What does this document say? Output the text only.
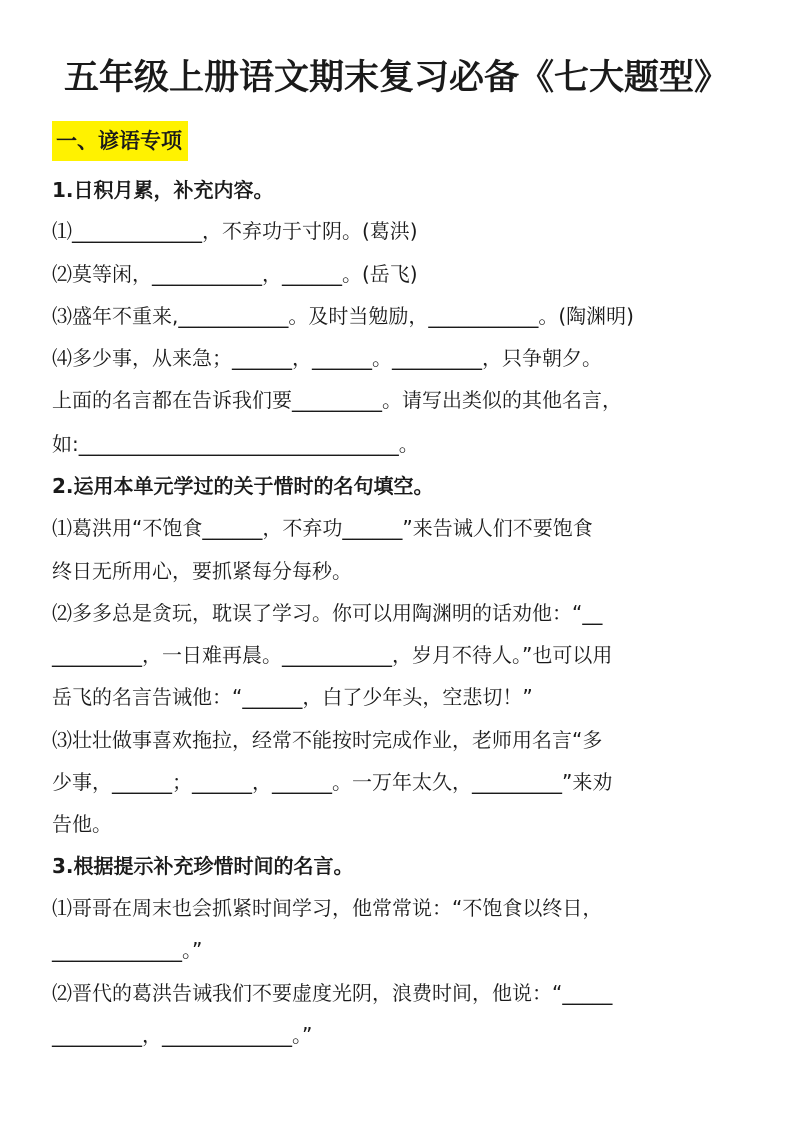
五年级上册语文期末复习必备《七大题型》
一、谚语专项
1.日积月累，补充内容。
⑴_____________，不弃功于寸阴。(葛洪)
⑵莫等闲，___________，______。(岳飞)
⑶盛年不重来,___________。及时当勉励，___________。(陶渊明)
⑷多少事，从来急；______，______。_________，只争朝夕。
上面的名言都在告诉我们要_________。请写出类似的其他名言，
如:________________________________。
2.运用本单元学过的关于惜时的名句填空。
⑴葛洪用“不饱食______，不弃功______”来告诫人们不要饱食
终日无所用心，要抓紧每分每秒。
⑵多多总是贪玩，耽误了学习。你可以用陶渊明的话劝他：“__
_________，一日难再晨。___________，岁月不待人。”也可以用
岳飞的名言告诫他：“______，白了少年头，空悲切！”
⑶壮壮做事喜欢拖拉，经常不能按时完成作业，老师用名言“多
少事，______；______，______。一万年太久，_________”来劝
告他。
3.根据提示补充珍惜时间的名言。
⑴哥哥在周末也会抓紧时间学习，他常常说：“不饱食以终日，
_____________。”
⑵晋代的葛洪告诫我们不要虚度光阴，浪费时间，他说：“_____
_________，_____________。”
